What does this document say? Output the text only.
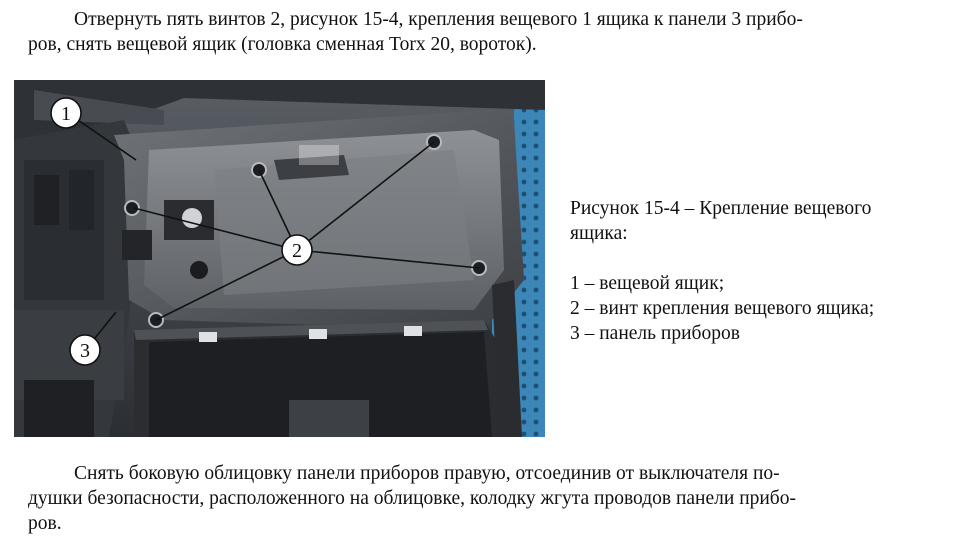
Отвернуть пять винтов 2, рисунок 15-4, крепления вещевого 1 ящика к панели 3 прибо-
ров, снять вещевой ящик (головка сменная Torx 20, вороток).

1
2
3
Рисунок 15-4 – Крепление вещевого
ящика:
1 – вещевой ящик;
2 – винт крепления вещевого ящика;
3 – панель приборов

Снять боковую облицовку панели приборов правую, отсоединив от выключателя по-
душки безопасности, расположенного на облицовке, колодку жгута проводов панели прибо-
ров.
